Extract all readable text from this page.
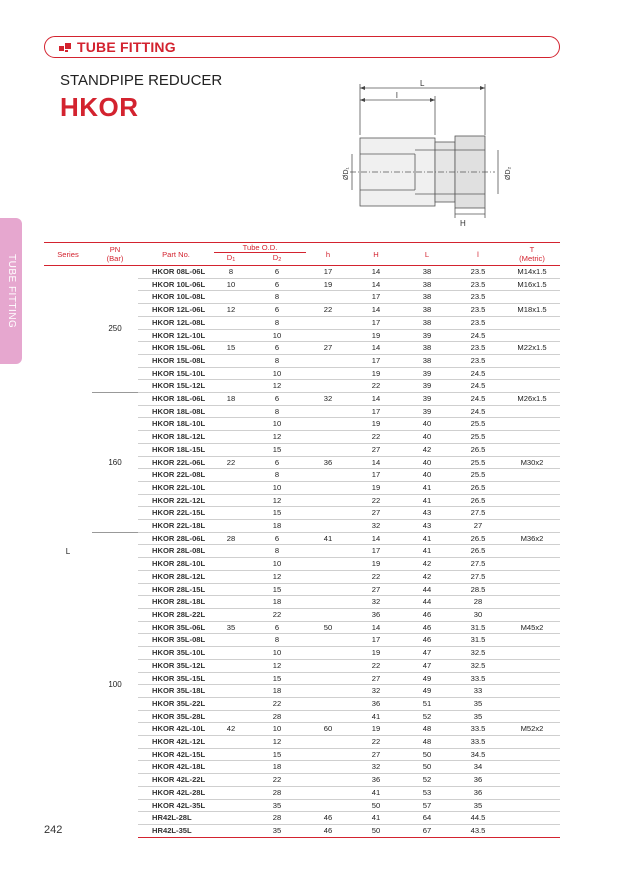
TUBE FITTING
STANDPIPE REDUCER
HKOR
TUBE FITTING
L
l
H
ØD₁	ØD₂
Series	PN
(Bar)	Part No.	Tube O.D.		h	H	L	l	T
(Metric)
			D1	D2					
L	250	HKOR 08L-06L	8	6	17	14	38	23.5	M14x1.5
		HKOR 10L-06L	10	6	19	14	38	23.5	M16x1.5
		HKOR 10L-08L		8		17	38	23.5	
		HKOR 12L-06L	12	6	22	14	38	23.5	M18x1.5
		HKOR 12L-08L		8		17	38	23.5	
		HKOR 12L-10L		10		19	39	24.5	
		HKOR 15L-06L	15	6	27	14	38	23.5	M22x1.5
		HKOR 15L-08L		8		17	38	23.5	
		HKOR 15L-10L		10		19	39	24.5	
		HKOR 15L-12L		12		22	39	24.5	
	160	HKOR 18L-06L	18	6	32	14	39	24.5	M26x1.5
		HKOR 18L-08L		8		17	39	24.5	
		HKOR 18L-10L		10		19	40	25.5	
		HKOR 18L-12L		12		22	40	25.5	
		HKOR 18L-15L		15		27	42	26.5	
		HKOR 22L-06L	22	6	36	14	40	25.5	M30x2
		HKOR 22L-08L		8		17	40	25.5	
		HKOR 22L-10L		10		19	41	26.5	
		HKOR 22L-12L		12		22	41	26.5	
		HKOR 22L-15L		15		27	43	27.5	
		HKOR 22L-18L		18		32	43	27	
	100	HKOR 28L-06L	28	6	41	14	41	26.5	M36x2
		HKOR 28L-08L		8		17	41	26.5	
		HKOR 28L-10L		10		19	42	27.5	
		HKOR 28L-12L		12		22	42	27.5	
		HKOR 28L-15L		15		27	44	28.5	
		HKOR 28L-18L		18		32	44	28	
		HKOR 28L-22L		22		36	46	30	
		HKOR 35L-06L	35	6	50	14	46	31.5	M45x2
		HKOR 35L-08L		8		17	46	31.5	
		HKOR 35L-10L		10		19	47	32.5	
		HKOR 35L-12L		12		22	47	32.5	
		HKOR 35L-15L		15		27	49	33.5	
		HKOR 35L-18L		18		32	49	33	
		HKOR 35L-22L		22		36	51	35	
		HKOR 35L-28L		28		41	52	35	
		HKOR 42L-10L	42	10	60	19	48	33.5	M52x2
		HKOR 42L-12L		12		22	48	33.5	
		HKOR 42L-15L		15		27	50	34.5	
		HKOR 42L-18L		18		32	50	34	
		HKOR 42L-22L		22		36	52	36	
		HKOR 42L-28L		28		41	53	36	
		HKOR 42L-35L		35		50	57	35	
		HR42L-28L		28	46	41	64	44.5	
		HR42L-35L		35	46	50	67	43.5	
242
